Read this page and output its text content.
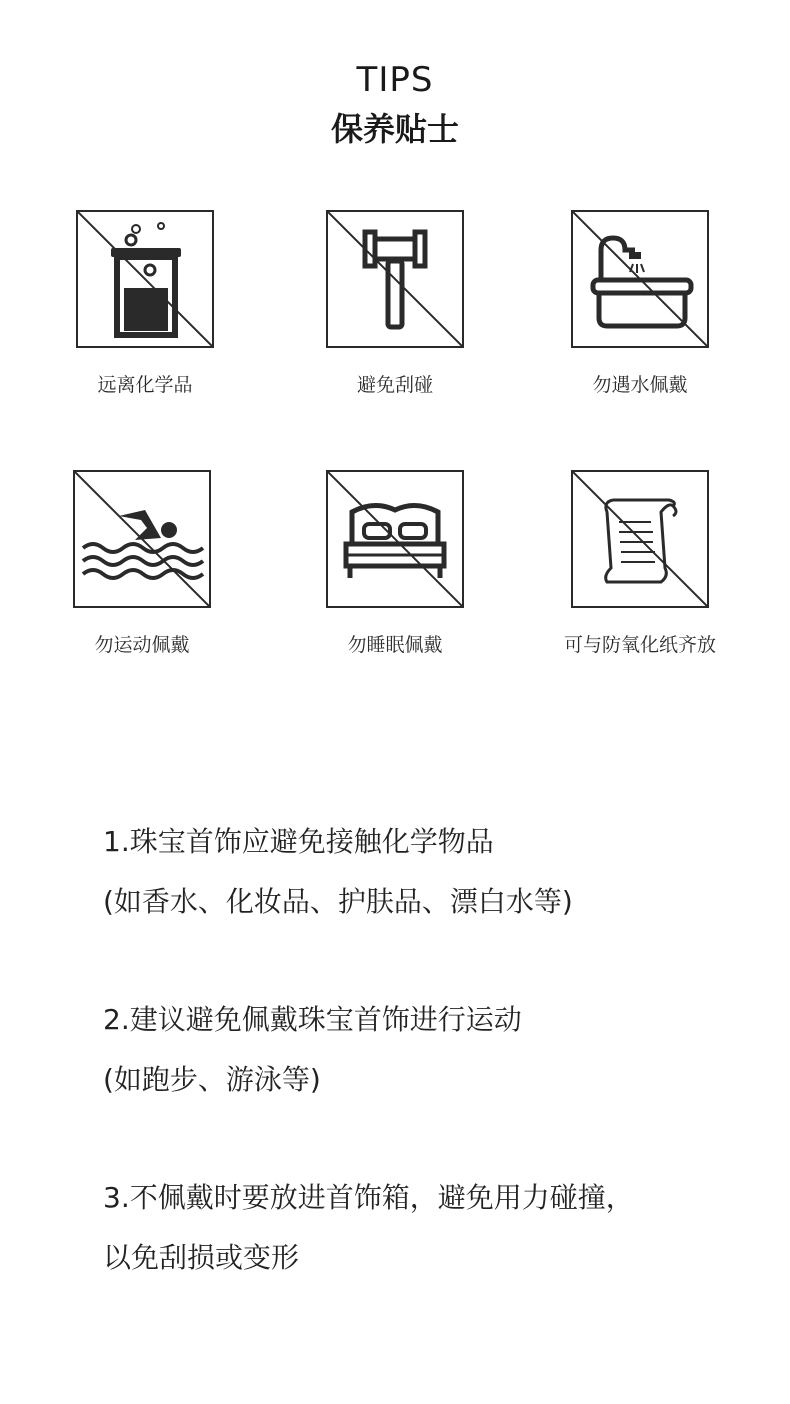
TIPS
保养贴士
远离化学品	避免刮碰	勿遇水佩戴
勿运动佩戴	勿睡眠佩戴	可与防氧化纸齐放
1.珠宝首饰应避免接触化学物品
(如香水、化妆品、护肤品、漂白水等)
2.建议避免佩戴珠宝首饰进行运动
(如跑步、游泳等)
3.不佩戴时要放进首饰箱，避免用力碰撞，
以免刮损或变形
